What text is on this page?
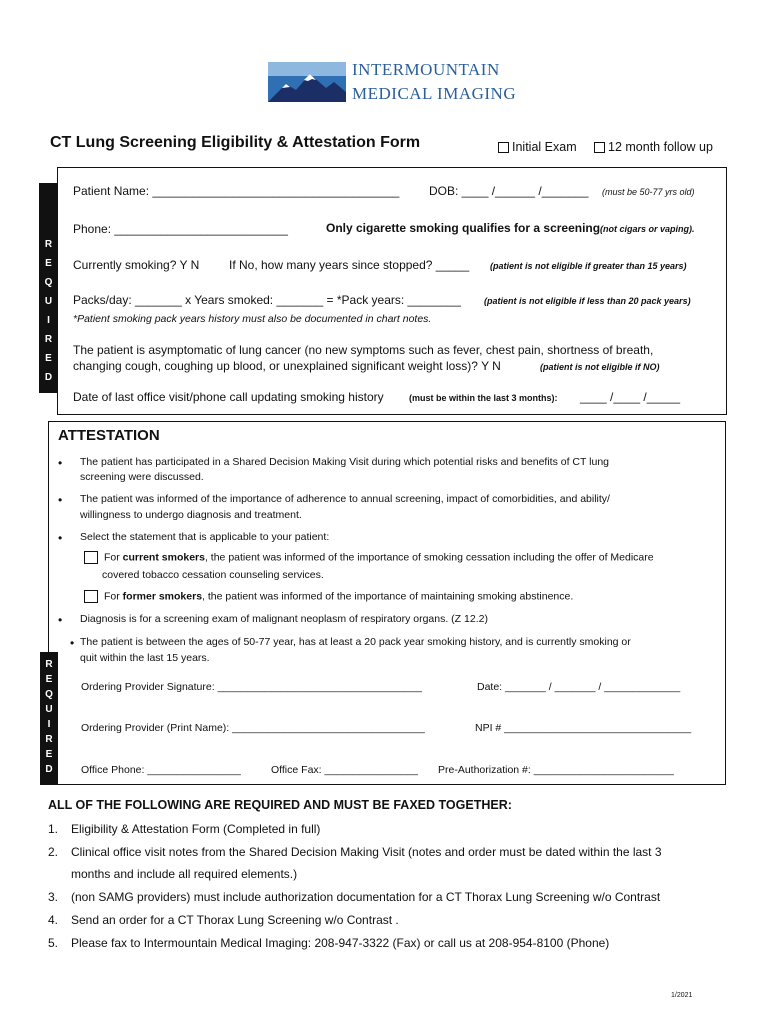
INTERMOUNTAIN
MEDICAL IMAGING
CT Lung Screening Eligibility & Attestation Form	Initial Exam	12 month follow up
R
E
Q
U
I
R
E
D
Patient Name: _____________________________________ DOB: ____ /______ /_______ (must be 50-77 yrs old)
Phone: __________________________	Only cigarette smoking qualifies for a screening (not cigars or vaping).
Currently smoking? Y N If No, how many years since stopped? _____ (patient is not eligible if greater than 15 years)
Packs/day: _______ x Years smoked: _______ = *Pack years: ________	(patient is not eligible if less than 20 pack years)
*Patient smoking pack years history must also be documented in chart notes.
The patient is asymptomatic of lung cancer (no new symptoms such as fever, chest pain, shortness of breath,
changing cough, coughing up blood, or unexplained significant weight loss)? Y N	(patient is not eligible if NO)
Date of last office visit/phone call updating smoking history	(must be within the last 3 months): ____ /____ /_____
ATTESTATION
• The patient has participated in a Shared Decision Making Visit during which potential risks and benefits of CT lung
screening were discussed.
• The patient was informed of the importance of adherence to annual screening, impact of comorbidities, and ability/
willingness to undergo diagnosis and treatment.
• Select the statement that is applicable to your patient:
For current smokers, the patient was informed of the importance of smoking cessation including the offer of Medicare
covered tobacco cessation counseling services.
For former smokers, the patient was informed of the importance of maintaining smoking abstinence.
• Diagnosis is for a screening exam of malignant neoplasm of respiratory organs. (Z 12.2)
• The patient is between the ages of 50-77 year, has at least a 20 pack year smoking history, and is currently smoking or
quit within the last 15 years.
R
E
Q
U
I
R
E
D
Ordering Provider Signature: ___________________________________	Date: _______ / _______ / _____________
Ordering Provider (Print Name): _________________________________	NPI # ________________________________
Office Phone: ________________	Office Fax: ________________ Pre-Authorization #: ________________________
ALL OF THE FOLLOWING ARE REQUIRED AND MUST BE FAXED TOGETHER:
1. Eligibility & Attestation Form (Completed in full)
2. Clinical office visit notes from the Shared Decision Making Visit (notes and order must be dated within the last 3
months and include all required elements.)
3. (non SAMG providers) must include authorization documentation for a CT Thorax Lung Screening w/o Contrast
4. Send an order for a CT Thorax Lung Screening w/o Contrast .
5. Please fax to Intermountain Medical Imaging: 208-947-3322 (Fax) or call us at 208-954-8100 (Phone)
1/2021
